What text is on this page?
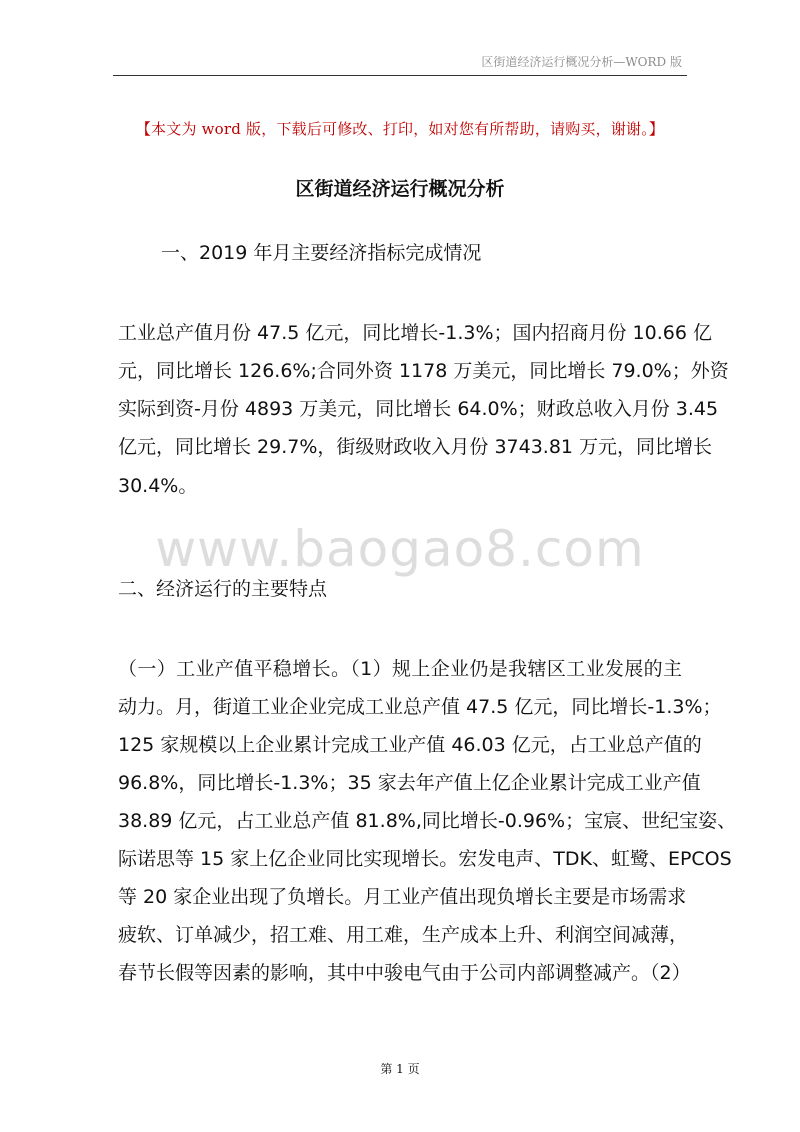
区街道经济运行概况分析—WORD 版
【本文为 word 版，下载后可修改、打印，如对您有所帮助，请购买，谢谢。】
区街道经济运行概况分析
一、2019 年月主要经济指标完成情况
工业总产值月份 47.5 亿元，同比增长-1.3%；国内招商月份 10.66 亿
元，同比增长 126.6%;合同外资 1178 万美元，同比增长 79.0%；外资
实际到资-月份 4893 万美元，同比增长 64.0%；财政总收入月份 3.45
亿元，同比增长 29.7%，街级财政收入月份 3743.81 万元，同比增长
30.4%。
www.baogao8.com
二、经济运行的主要特点
（一）工业产值平稳增长。（1）规上企业仍是我辖区工业发展的主
动力。月，街道工业企业完成工业总产值 47.5 亿元，同比增长-1.3%；
125 家规模以上企业累计完成工业产值 46.03 亿元，占工业总产值的
96.8%，同比增长-1.3%；35 家去年产值上亿企业累计完成工业产值
38.89 亿元，占工业总产值 81.8%,同比增长-0.96%；宝宸、世纪宝姿、
际诺思等 15 家上亿企业同比实现增长。宏发电声、TDK、虹鹭、EPCOS
等 20 家企业出现了负增长。月工业产值出现负增长主要是市场需求
疲软、订单减少，招工难、用工难，生产成本上升、利润空间减薄，
春节长假等因素的影响，其中中骏电气由于公司内部调整减产。（2）
第 1 页
